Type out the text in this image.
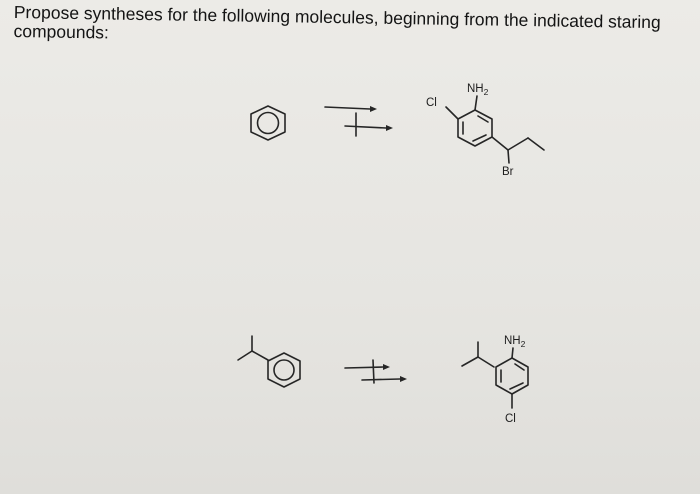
Propose syntheses for the following molecules, beginning from the indicated staring compounds:

$NH_2$
Cl
Br
$NH_2$
Cl
